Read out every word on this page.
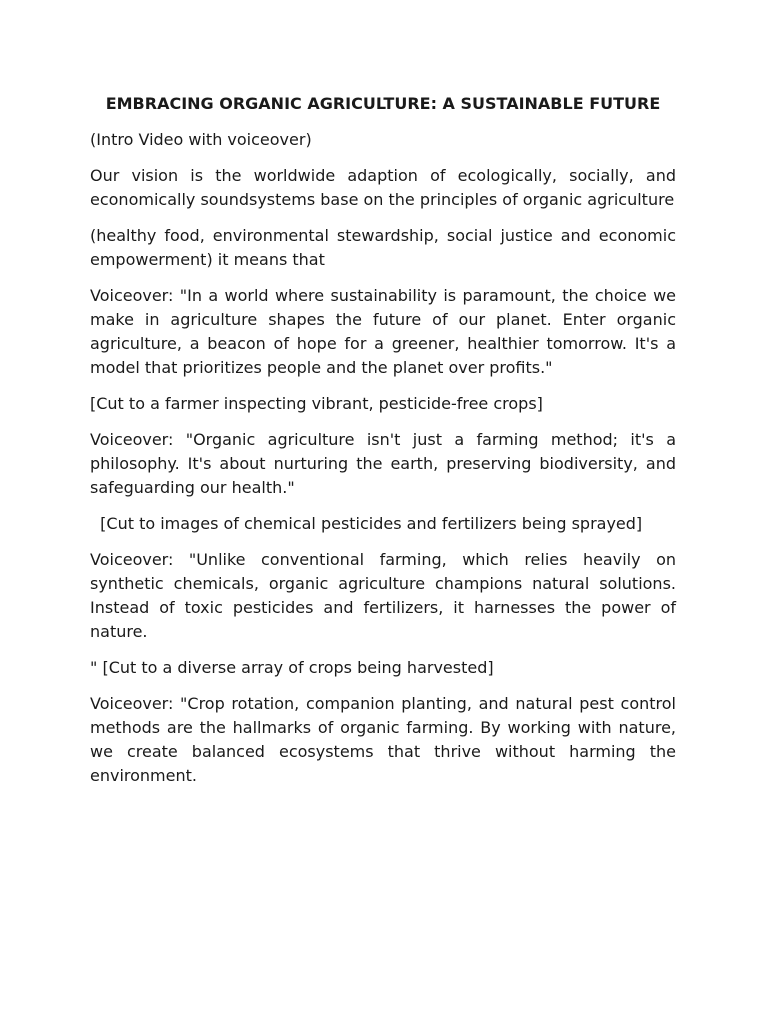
EMBRACING ORGANIC AGRICULTURE: A SUSTAINABLE FUTURE

(Intro Video with voiceover)

Our vision is the worldwide adaption of ecologically, socially, and economically soundsystems base on the principles of organic agriculture

(healthy food, environmental stewardship, social justice and economic empowerment) it means that

Voiceover: "In a world where sustainability is paramount, the choice we make in agriculture shapes the future of our planet. Enter organic agriculture, a beacon of hope for a greener, healthier tomorrow. It's a model that prioritizes people and the planet over profits."

[Cut to a farmer inspecting vibrant, pesticide-free crops]

Voiceover: "Organic agriculture isn't just a farming method; it's a philosophy. It's about nurturing the earth, preserving biodiversity, and safeguarding our health."

[Cut to images of chemical pesticides and fertilizers being sprayed]

Voiceover: "Unlike conventional farming, which relies heavily on synthetic chemicals, organic agriculture champions natural solutions. Instead of toxic pesticides and fertilizers, it harnesses the power of nature.

" [Cut to a diverse array of crops being harvested]

Voiceover: "Crop rotation, companion planting, and natural pest control methods are the hallmarks of organic farming. By working with nature, we create balanced ecosystems that thrive without harming the environment.
